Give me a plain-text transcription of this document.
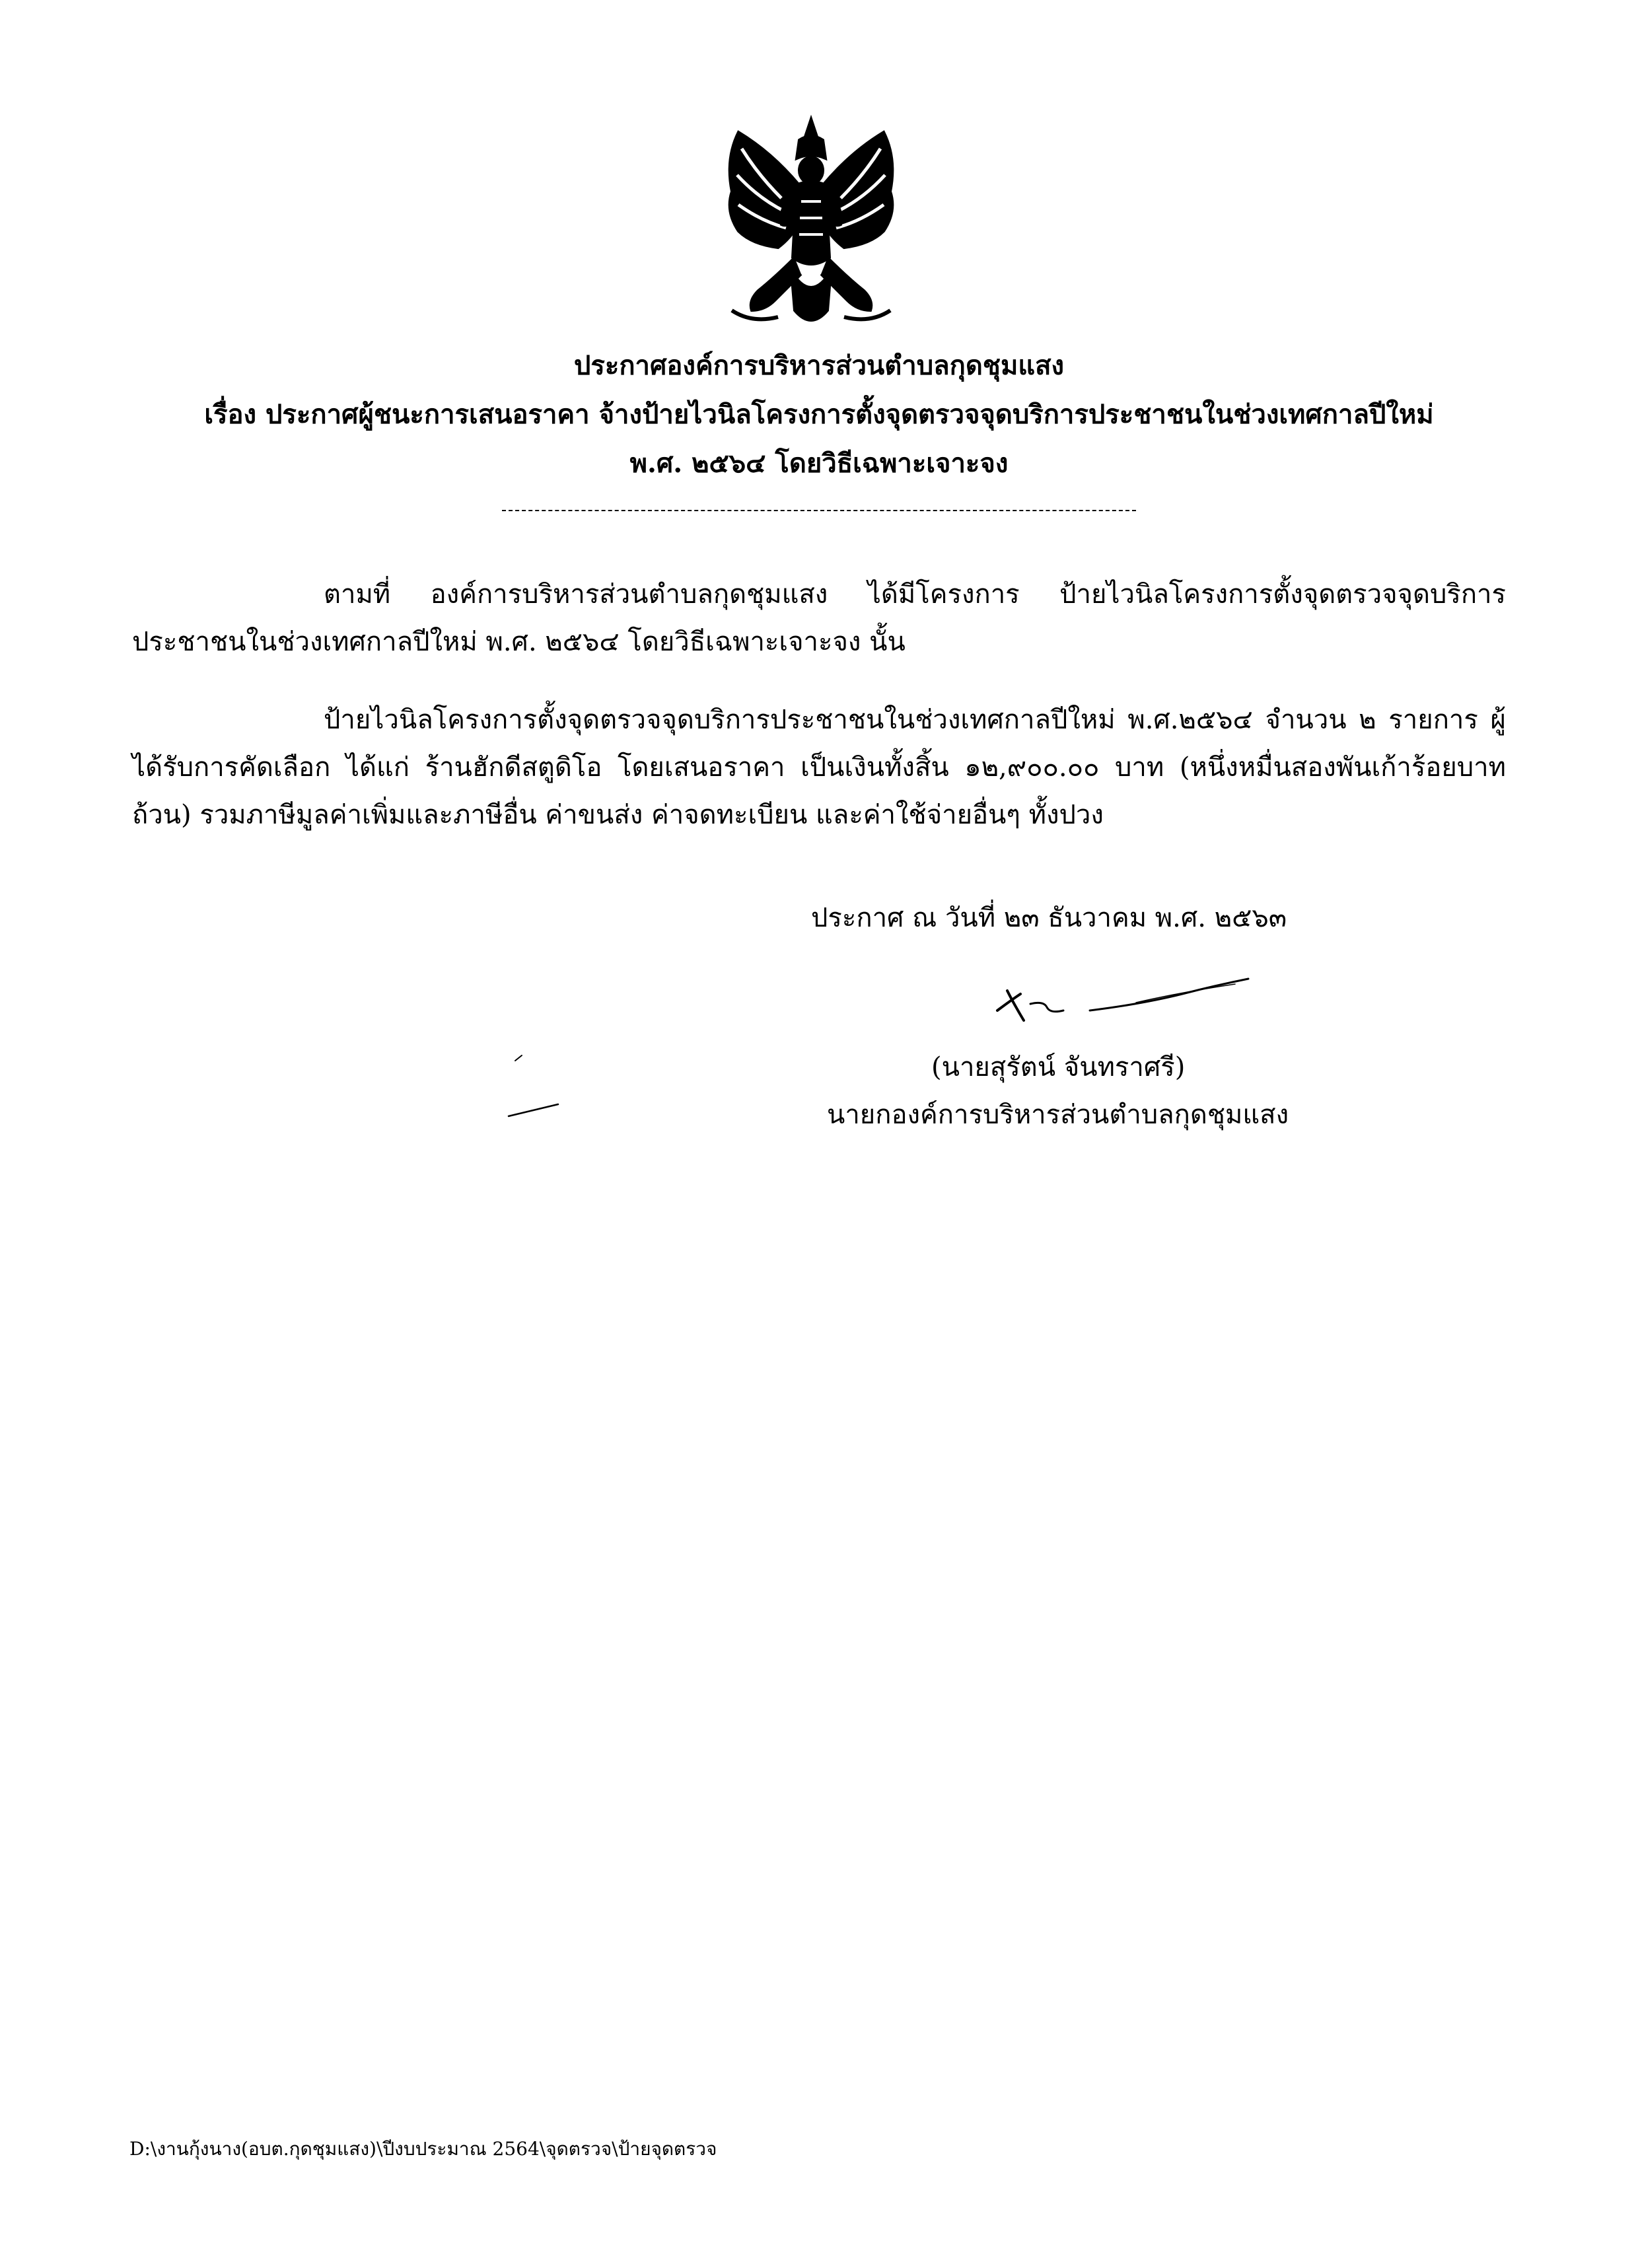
ประกาศองค์การบริหารส่วนตำบลกุดชุมแสง
เรื่อง ประกาศผู้ชนะการเสนอราคา จ้างป้ายไวนิลโครงการตั้งจุดตรวจจุดบริการประชาชนในช่วงเทศกาลปีใหม่
พ.ศ. ๒๕๖๔ โดยวิธีเฉพาะเจาะจง
ตามที่ องค์การบริหารส่วนตำบลกุดชุมแสง ได้มีโครงการ ป้ายไวนิลโครงการตั้งจุดตรวจจุดบริการประชาชนในช่วงเทศกาลปีใหม่ พ.ศ. ๒๕๖๔ โดยวิธีเฉพาะเจาะจง นั้น
ป้ายไวนิลโครงการตั้งจุดตรวจจุดบริการประชาชนในช่วงเทศกาลปีใหม่ พ.ศ.๒๕๖๔ จำนวน ๒ รายการ ผู้ได้รับการคัดเลือก ได้แก่ ร้านฮักดีสตูดิโอ โดยเสนอราคา เป็นเงินทั้งสิ้น ๑๒,๙๐๐.๐๐ บาท (หนึ่งหมื่นสองพันเก้าร้อยบาทถ้วน) รวมภาษีมูลค่าเพิ่มและภาษีอื่น ค่าขนส่ง ค่าจดทะเบียน และค่าใช้จ่ายอื่นๆ ทั้งปวง
ประกาศ ณ วันที่ ๒๓ ธันวาคม พ.ศ. ๒๕๖๓
(นายสุรัตน์ จันทราศรี)
นายกองค์การบริหารส่วนตำบลกุดชุมแสง
D:\งานกุ้งนาง(อบต.กุดชุมแสง)\ปีงบประมาณ 2564\จุดตรวจ\ป้ายจุดตรวจ
